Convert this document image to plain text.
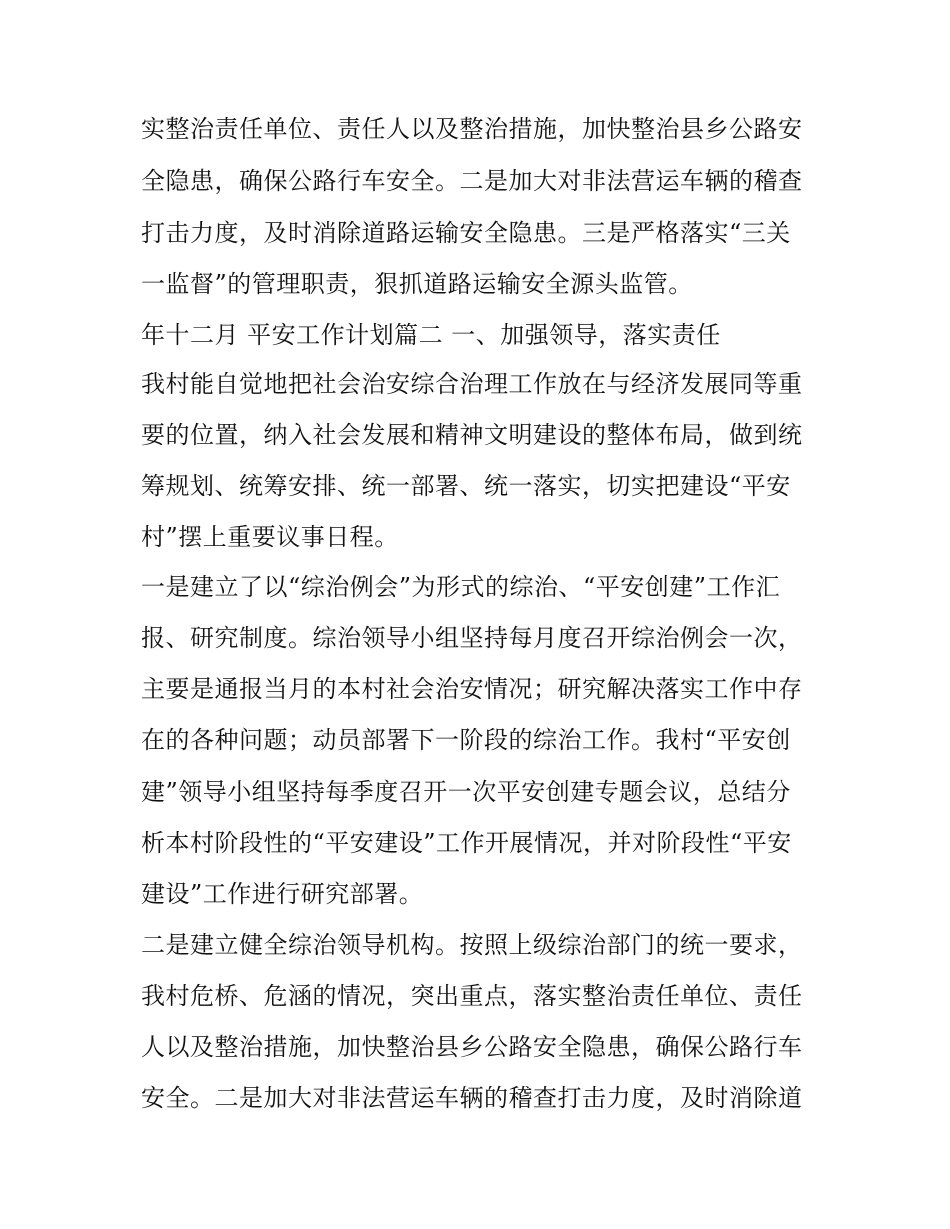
实整治责任单位、责任人以及整治措施，加快整治县乡公路安
全隐患，确保公路行车安全。二是加大对非法营运车辆的稽查
打击力度，及时消除道路运输安全隐患。三是严格落实“三关
一监督”的管理职责，狠抓道路运输安全源头监管。
年十二月 平安工作计划篇二 一、加强领导，落实责任
我村能自觉地把社会治安综合治理工作放在与经济发展同等重
要的位置，纳入社会发展和精神文明建设的整体布局，做到统
筹规划、统筹安排、统一部署、统一落实，切实把建设“平安
村”摆上重要议事日程。
一是建立了以“综治例会”为形式的综治、“平安创建”工作汇
报、研究制度。综治领导小组坚持每月度召开综治例会一次，
主要是通报当月的本村社会治安情况；研究解决落实工作中存
在的各种问题；动员部署下一阶段的综治工作。我村“平安创
建”领导小组坚持每季度召开一次平安创建专题会议，总结分
析本村阶段性的“平安建设”工作开展情况，并对阶段性“平安
建设”工作进行研究部署。
二是建立健全综治领导机构。按照上级综治部门的统一要求，
我村危桥、危涵的情况，突出重点，落实整治责任单位、责任
人以及整治措施，加快整治县乡公路安全隐患，确保公路行车
安全。二是加大对非法营运车辆的稽查打击力度，及时消除道
